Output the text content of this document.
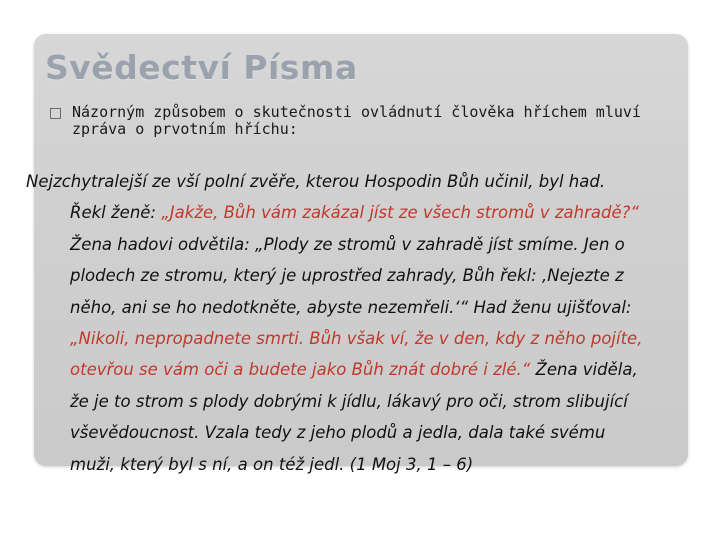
Svědectví Písma
Názorným způsobem o skutečnosti ovládnutí člověka hříchem mluví zpráva o prvotním hříchu:
Nejzchytralejší ze vší polní zvěře, kterou Hospodin Bůh učinil, byl had.
Řekl ženě: „Jakže, Bůh vám zakázal jíst ze všech stromů v zahradě?“
Žena hadovi odvětila: „Plody ze stromů v zahradě jíst smíme. Jen o
plodech ze stromu, který je uprostřed zahrady, Bůh řekl: ‚Nejezte z
něho, ani se ho nedotkněte, abyste nezemřeli.‘“ Had ženu ujišťoval:
„Nikoli, nepropadnete smrti. Bůh však ví, že v den, kdy z něho pojíte,
otevřou se vám oči a budete jako Bůh znát dobré i zlé.“ Žena viděla,
že je to strom s plody dobrými k jídlu, lákavý pro oči, strom slibující
vševědoucnost. Vzala tedy z jeho plodů a jedla, dala také svému
muži, který byl s ní, a on též jedl. (1 Moj 3, 1 – 6)
